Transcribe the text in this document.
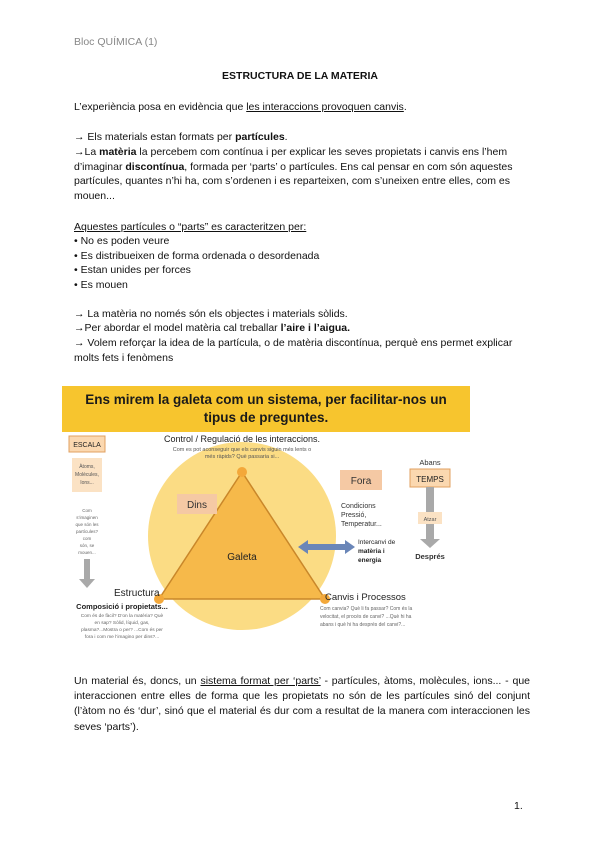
Bloc QUÍMICA (1)
ESTRUCTURA DE LA MATERIA
L’experiència posa en evidència que les interaccions provoquen canvis.
→ Els materials estan formats per partícules.
→La matèria la percebem com contínua i per explicar les seves propietats i canvis ens l’hem d’imaginar discontínua, formada per ‘parts’ o partícules. Ens cal pensar en com són aquestes partícules, quantes n’hi ha, com s’ordenen i es reparteixen, com s’uneixen entre elles, com es mouen...
Aquestes partícules o “parts” es caracteritzen per:
• No es poden veure
• Es distribueixen de forma ordenada o desordenada
• Estan unides per forces
• Es mouen
→ La matèria no només són els objectes i materials sòlids.
→Per abordar el model matèria cal treballar l’aire i l’aigua.
→ Volem reforçar la idea de la partícula, o de matèria discontínua, perquè ens permet explicar molts fets i fenòmens
Ens mirem la galeta com un sistema, per facilitar-nos un
tipus de preguntes.
Control / Regulació de les interaccions.
Com es pot aconseguir que els canvis siguin més lents o
més ràpids? Què passaria si...
ESCALA
Àtoms,
Molècules,
Ions...
Com
s’imaginen
que són les
partícules?
com
són, se
mouen...
Dins
Galeta
Fora
Condicions
Pressió,
Temperatur...
Intercanvi de
matèria i
energia
Abans
TEMPS
Atzar
Després
Estructura
Composició i propietats...
Com és de fàcil? D’on la matèria? Què
en sap? Sòlid, líquid, gas,
plasma?...Mostra o per? ...Com és per
fora i com me l’imagino per dins?...
Canvis i Processos
Com canvia? Què li fa passar? Com és la
velocitat, el procés de canvi? ...Què hi ha
abans i què hi ha després del canvi?...
Un material és, doncs, un sistema format per ‘parts’ - partícules, àtoms, molècules, ions... - que interaccionen entre elles de forma que les propietats no són de les partícules sinó del conjunt (l’àtom no és ‘dur’, sinó que el material és dur com a resultat de la manera com interaccionen les seves ‘parts’).
1.
